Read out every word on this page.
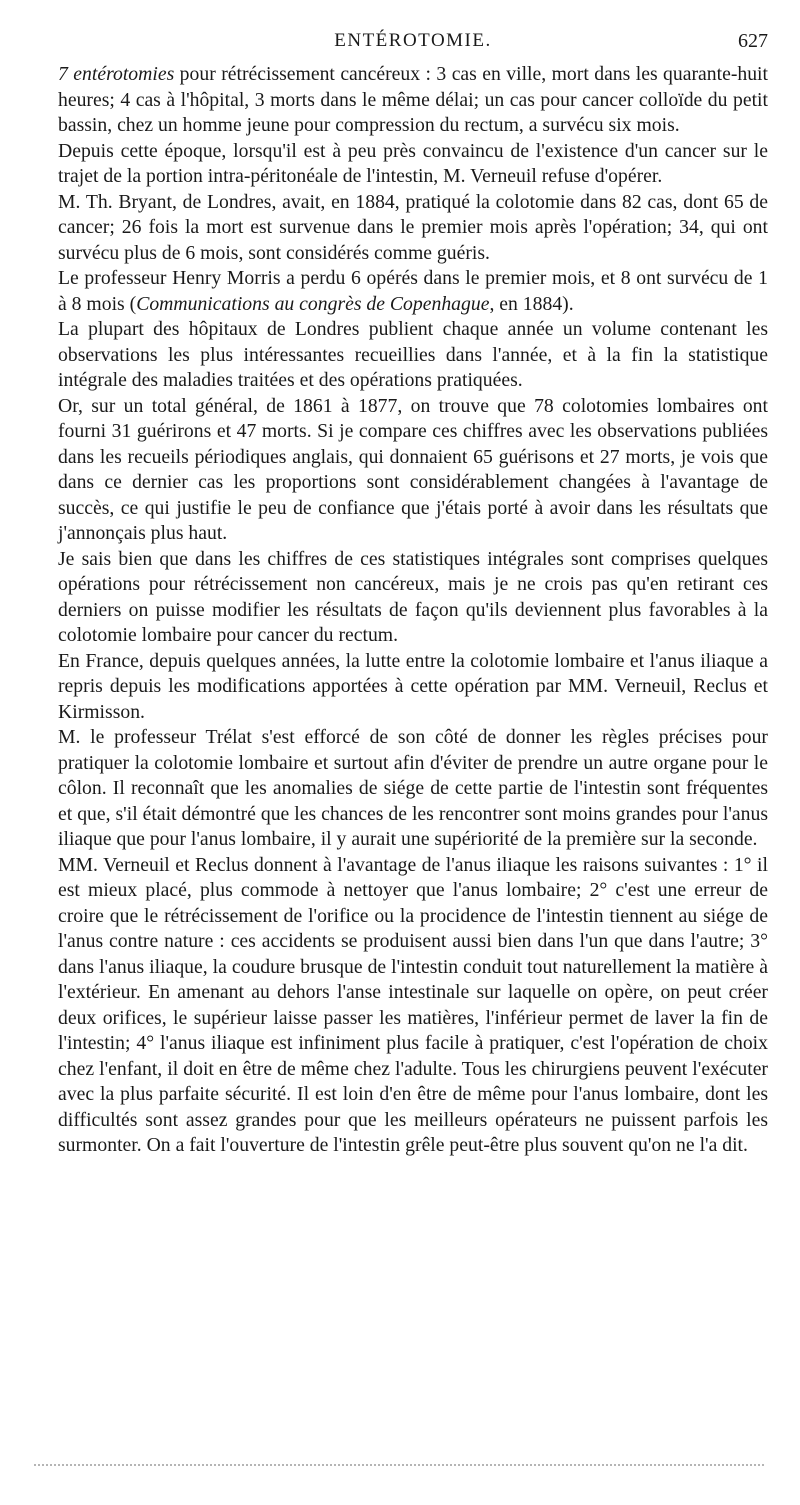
ENTÉROTOMIE.	627

7 entérotomies pour rétrécissement cancéreux : 3 cas en ville, mort dans les quarante-huit heures; 4 cas à l'hôpital, 3 morts dans le même délai; un cas pour cancer colloïde du petit bassin, chez un homme jeune pour compression du rectum, a survécu six mois.

Depuis cette époque, lorsqu'il est à peu près convaincu de l'existence d'un cancer sur le trajet de la portion intra-péritonéale de l'intestin, M. Verneuil refuse d'opérer.

M. Th. Bryant, de Londres, avait, en 1884, pratiqué la colotomie dans 82 cas, dont 65 de cancer; 26 fois la mort est survenue dans le premier mois après l'opération; 34, qui ont survécu plus de 6 mois, sont considérés comme guéris.

Le professeur Henry Morris a perdu 6 opérés dans le premier mois, et 8 ont survécu de 1 à 8 mois (Communications au congrès de Copenhague, en 1884).

La plupart des hôpitaux de Londres publient chaque année un volume contenant les observations les plus intéressantes recueillies dans l'année, et à la fin la statistique intégrale des maladies traitées et des opérations pratiquées.

Or, sur un total général, de 1861 à 1877, on trouve que 78 colotomies lombaires ont fourni 31 guérirons et 47 morts. Si je compare ces chiffres avec les observations publiées dans les recueils périodiques anglais, qui donnaient 65 guérisons et 27 morts, je vois que dans ce dernier cas les proportions sont considérablement changées à l'avantage de succès, ce qui justifie le peu de confiance que j'étais porté à avoir dans les résultats que j'annonçais plus haut.

Je sais bien que dans les chiffres de ces statistiques intégrales sont comprises quelques opérations pour rétrécissement non cancéreux, mais je ne crois pas qu'en retirant ces derniers on puisse modifier les résultats de façon qu'ils deviennent plus favorables à la colotomie lombaire pour cancer du rectum.

En France, depuis quelques années, la lutte entre la colotomie lombaire et l'anus iliaque a repris depuis les modifications apportées à cette opération par MM. Verneuil, Reclus et Kirmisson.

M. le professeur Trélat s'est efforcé de son côté de donner les règles précises pour pratiquer la colotomie lombaire et surtout afin d'éviter de prendre un autre organe pour le côlon. Il reconnaît que les anomalies de siége de cette partie de l'intestin sont fréquentes et que, s'il était démontré que les chances de les rencontrer sont moins grandes pour l'anus iliaque que pour l'anus lombaire, il y aurait une supériorité de la première sur la seconde.

MM. Verneuil et Reclus donnent à l'avantage de l'anus iliaque les raisons suivantes : 1° il est mieux placé, plus commode à nettoyer que l'anus lombaire; 2° c'est une erreur de croire que le rétrécissement de l'orifice ou la procidence de l'intestin tiennent au siége de l'anus contre nature : ces accidents se produisent aussi bien dans l'un que dans l'autre; 3° dans l'anus iliaque, la coudure brusque de l'intestin conduit tout naturellement la matière à l'extérieur. En amenant au dehors l'anse intestinale sur laquelle on opère, on peut créer deux orifices, le supérieur laisse passer les matières, l'inférieur permet de laver la fin de l'intestin; 4° l'anus iliaque est infiniment plus facile à pratiquer, c'est l'opération de choix chez l'enfant, il doit en être de même chez l'adulte. Tous les chirurgiens peuvent l'exécuter avec la plus parfaite sécurité. Il est loin d'en être de même pour l'anus lombaire, dont les difficultés sont assez grandes pour que les meilleurs opérateurs ne puissent parfois les surmonter. On a fait l'ouverture de l'intestin grêle peut-être plus souvent qu'on ne l'a dit.
